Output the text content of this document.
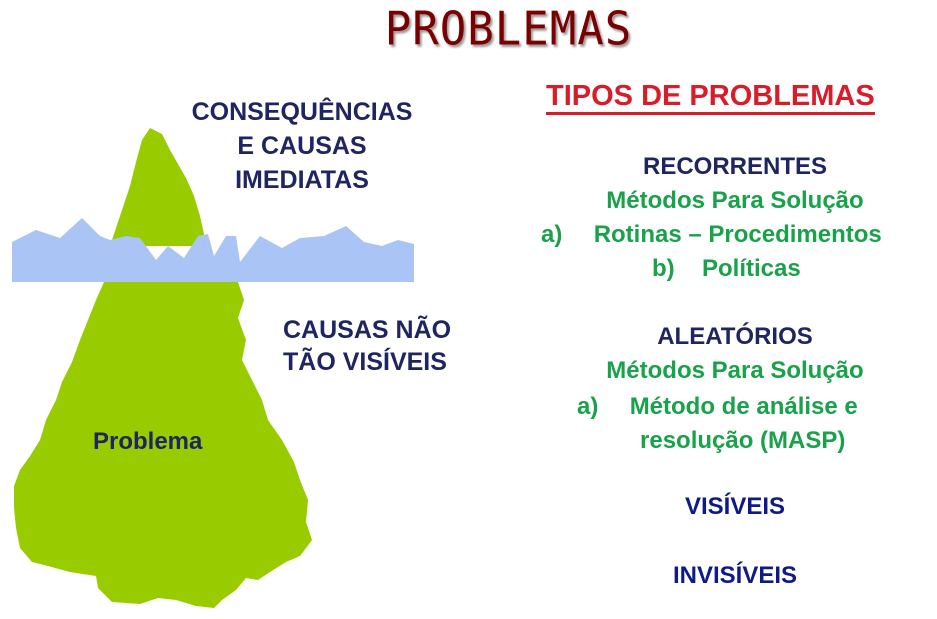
PROBLEMAS
CONSEQUÊNCIAS
E CAUSAS
IMEDIATAS
CAUSAS NÃO
TÃO VISÍVEIS
Problema
TIPOS DE PROBLEMAS
RECORRENTES
Métodos Para Solução
a) Rotinas – Procedimentos
b) Políticas
ALEATÓRIOS
Métodos Para Solução
a) Método de análise e
resolução (MASP)
VISÍVEIS
INVISÍVEIS
